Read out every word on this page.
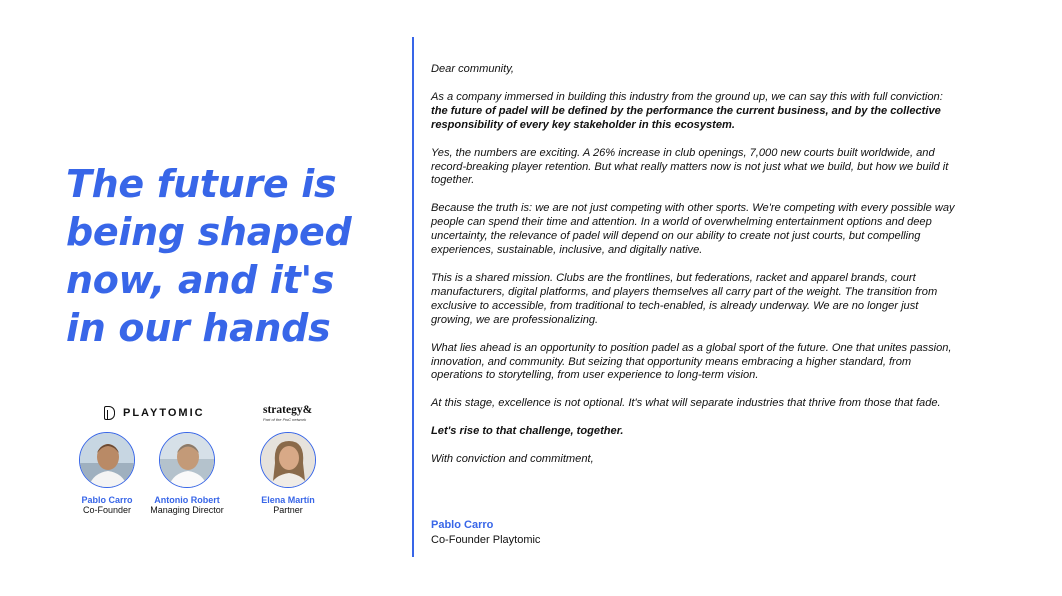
The future is being shaped now, and it's in our hands
PLAYTOMIC	strategy&
Part of the PwC network
Pablo Carro
Co-Founder
Antonio Robert
Managing Director
Elena Martín
Partner

Dear community,

As a company immersed in building this industry from the ground up, we can say this with full conviction: the future of padel will be defined by the performance the current business, and by the collective responsibility of every key stakeholder in this ecosystem.

Yes, the numbers are exciting. A 26% increase in club openings, 7,000 new courts built worldwide, and record-breaking player retention. But what really matters now is not just what we build, but how we build it together.

Because the truth is: we are not just competing with other sports. We're competing with every possible way people can spend their time and attention. In a world of overwhelming entertainment options and deep uncertainty, the relevance of padel will depend on our ability to create not just courts, but compelling experiences, sustainable, inclusive, and digitally native.

This is a shared mission. Clubs are the frontlines, but federations, racket and apparel brands, court manufacturers, digital platforms, and players themselves all carry part of the weight. The transition from exclusive to accessible, from traditional to tech-enabled, is already underway. We are no longer just growing, we are professionalizing.

What lies ahead is an opportunity to position padel as a global sport of the future. One that unites passion, innovation, and community. But seizing that opportunity means embracing a higher standard, from operations to storytelling, from user experience to long-term vision.

At this stage, excellence is not optional. It's what will separate industries that thrive from those that fade.

Let's rise to that challenge, together.

With conviction and commitment,

Pablo Carro
Co-Founder Playtomic
